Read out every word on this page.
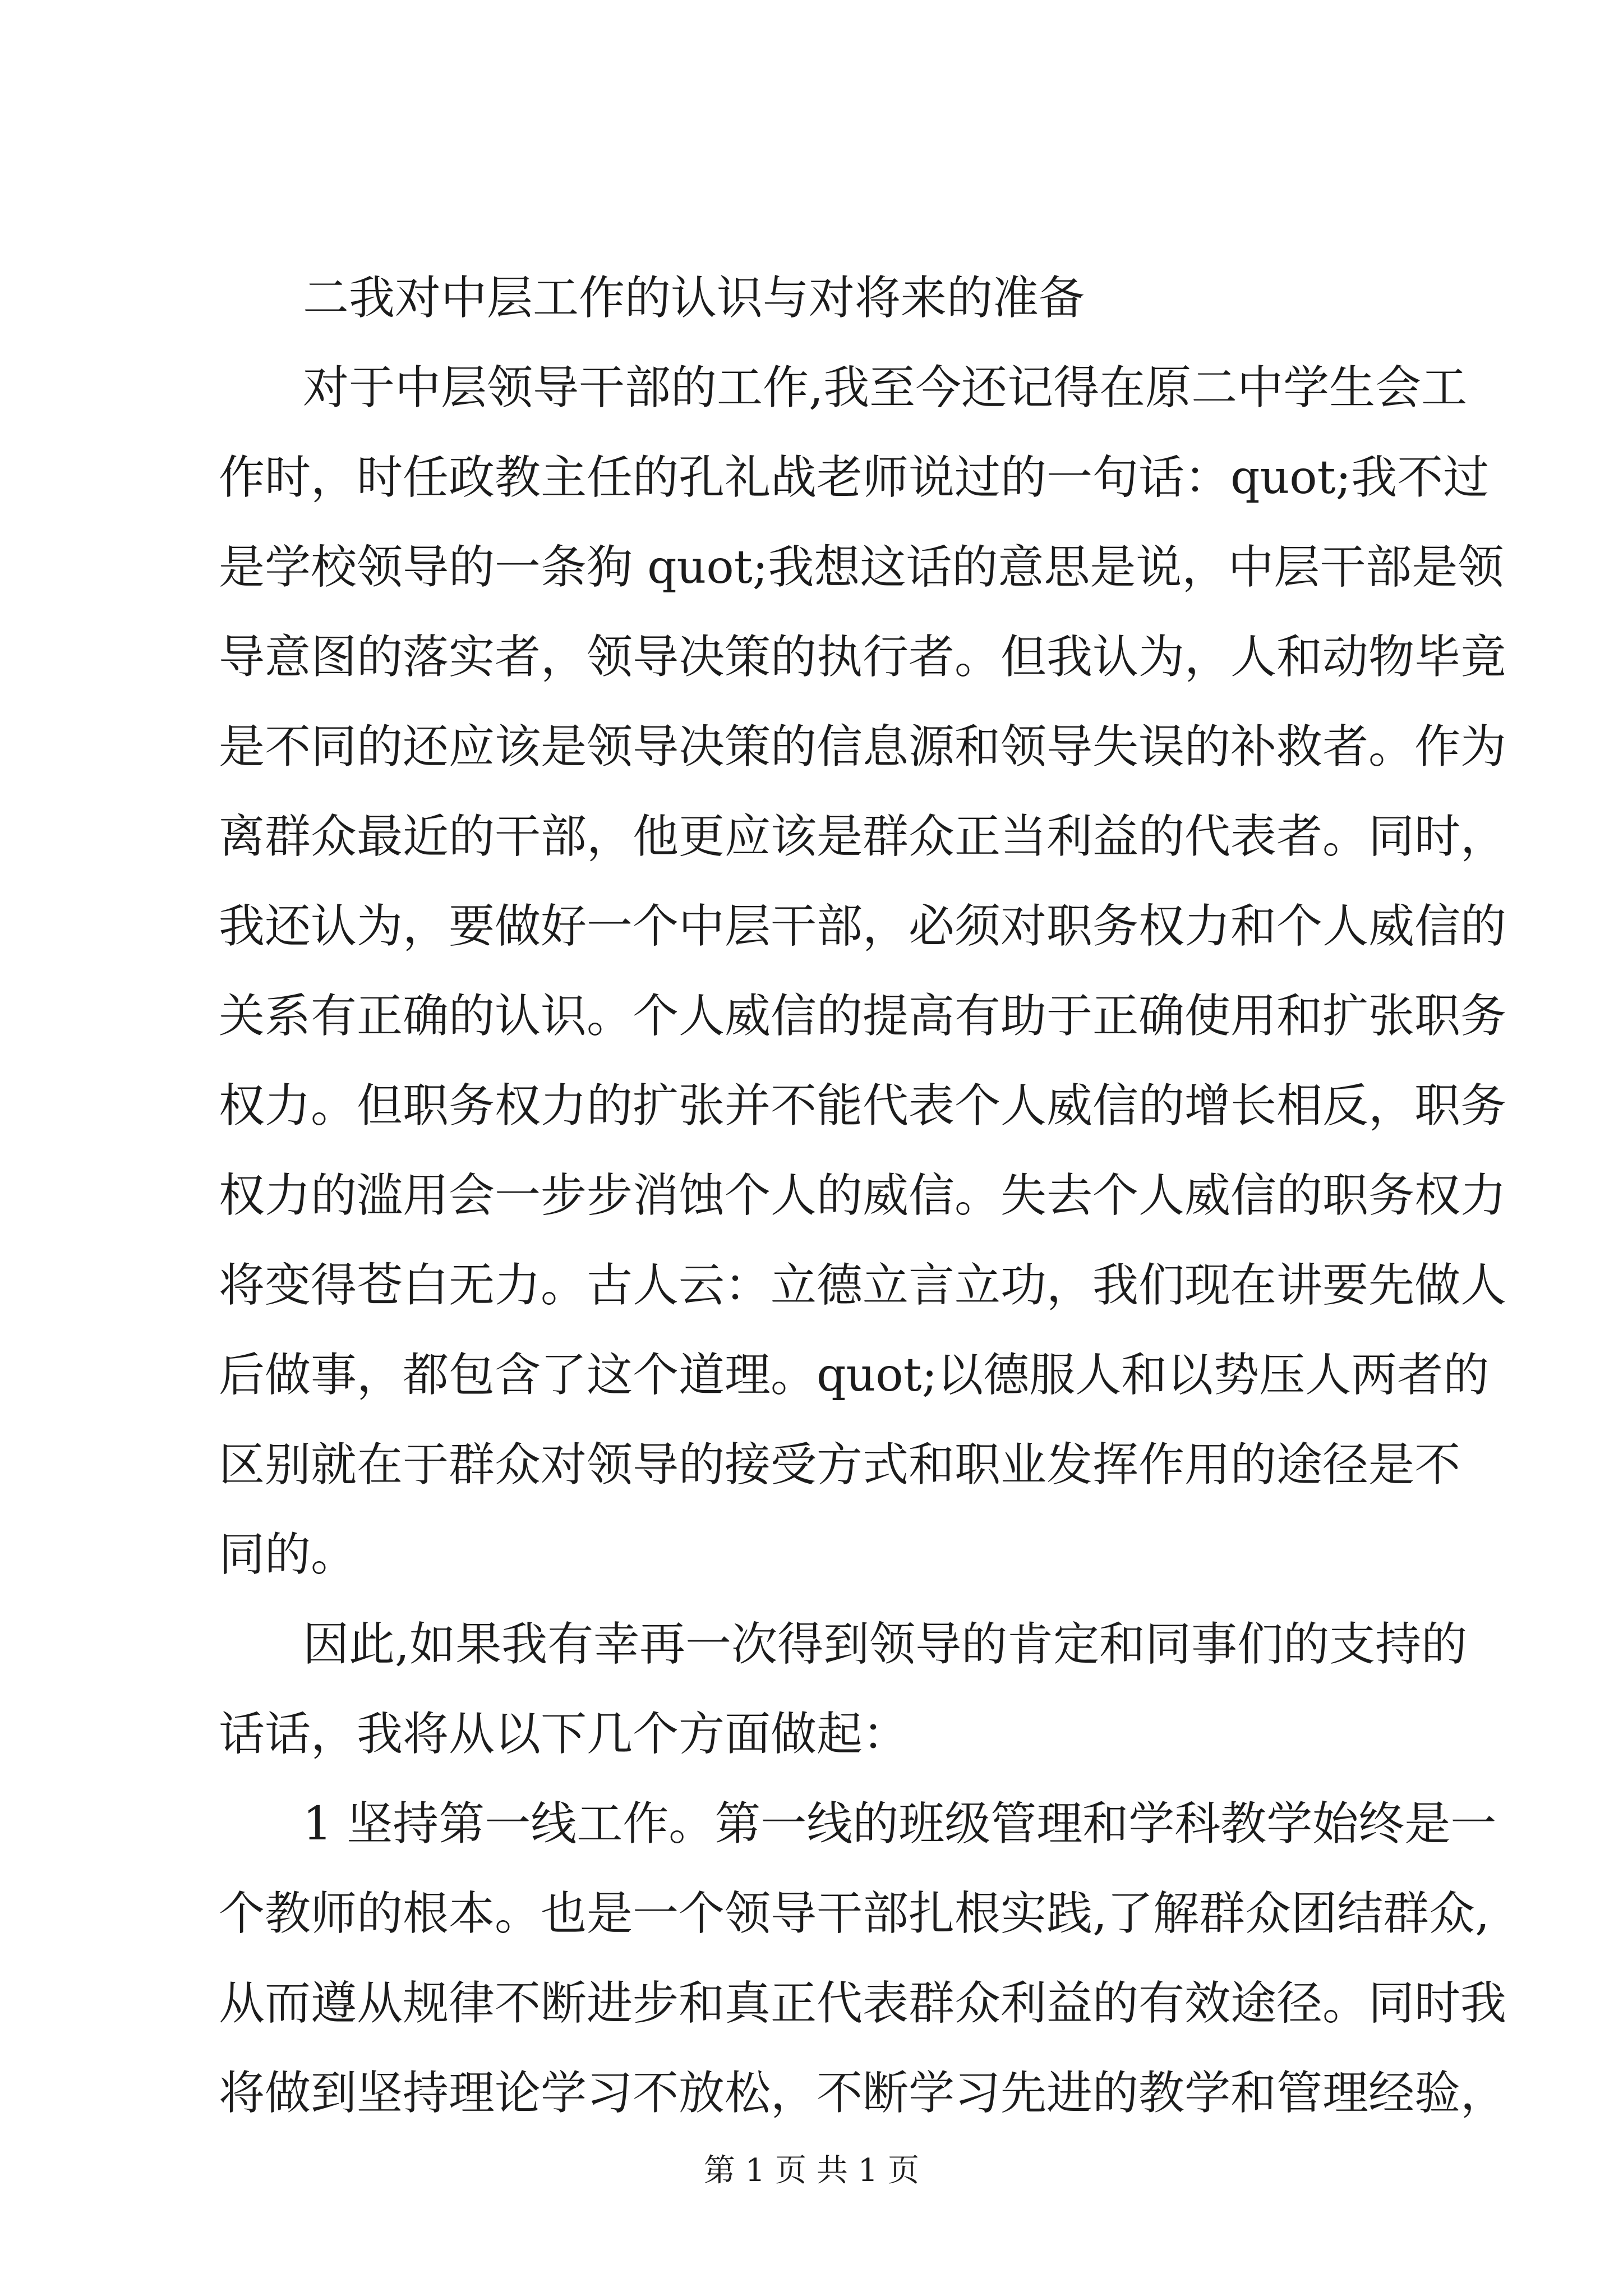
二我对中层工作的认识与对将来的准备
对于中层领导干部的工作,我至今还记得在原二中学生会工
作时，时任政教主任的孔礼战老师说过的一句话：quot;我不过
是学校领导的一条狗 quot;我想这话的意思是说，中层干部是领
导意图的落实者，领导决策的执行者。但我认为，人和动物毕竟
是不同的还应该是领导决策的信息源和领导失误的补救者。作为
离群众最近的干部，他更应该是群众正当利益的代表者。同时，
我还认为，要做好一个中层干部，必须对职务权力和个人威信的
关系有正确的认识。个人威信的提高有助于正确使用和扩张职务
权力。但职务权力的扩张并不能代表个人威信的增长相反，职务
权力的滥用会一步步消蚀个人的威信。失去个人威信的职务权力
将变得苍白无力。古人云：立德立言立功，我们现在讲要先做人
后做事，都包含了这个道理。quot;以德服人和以势压人两者的
区别就在于群众对领导的接受方式和职业发挥作用的途径是不
同的。
因此,如果我有幸再一次得到领导的肯定和同事们的支持的
话话，我将从以下几个方面做起：
1 坚持第一线工作。第一线的班级管理和学科教学始终是一
个教师的根本。也是一个领导干部扎根实践,了解群众团结群众,
从而遵从规律不断进步和真正代表群众利益的有效途径。同时我
将做到坚持理论学习不放松，不断学习先进的教学和管理经验，
第 1 页 共 1 页
